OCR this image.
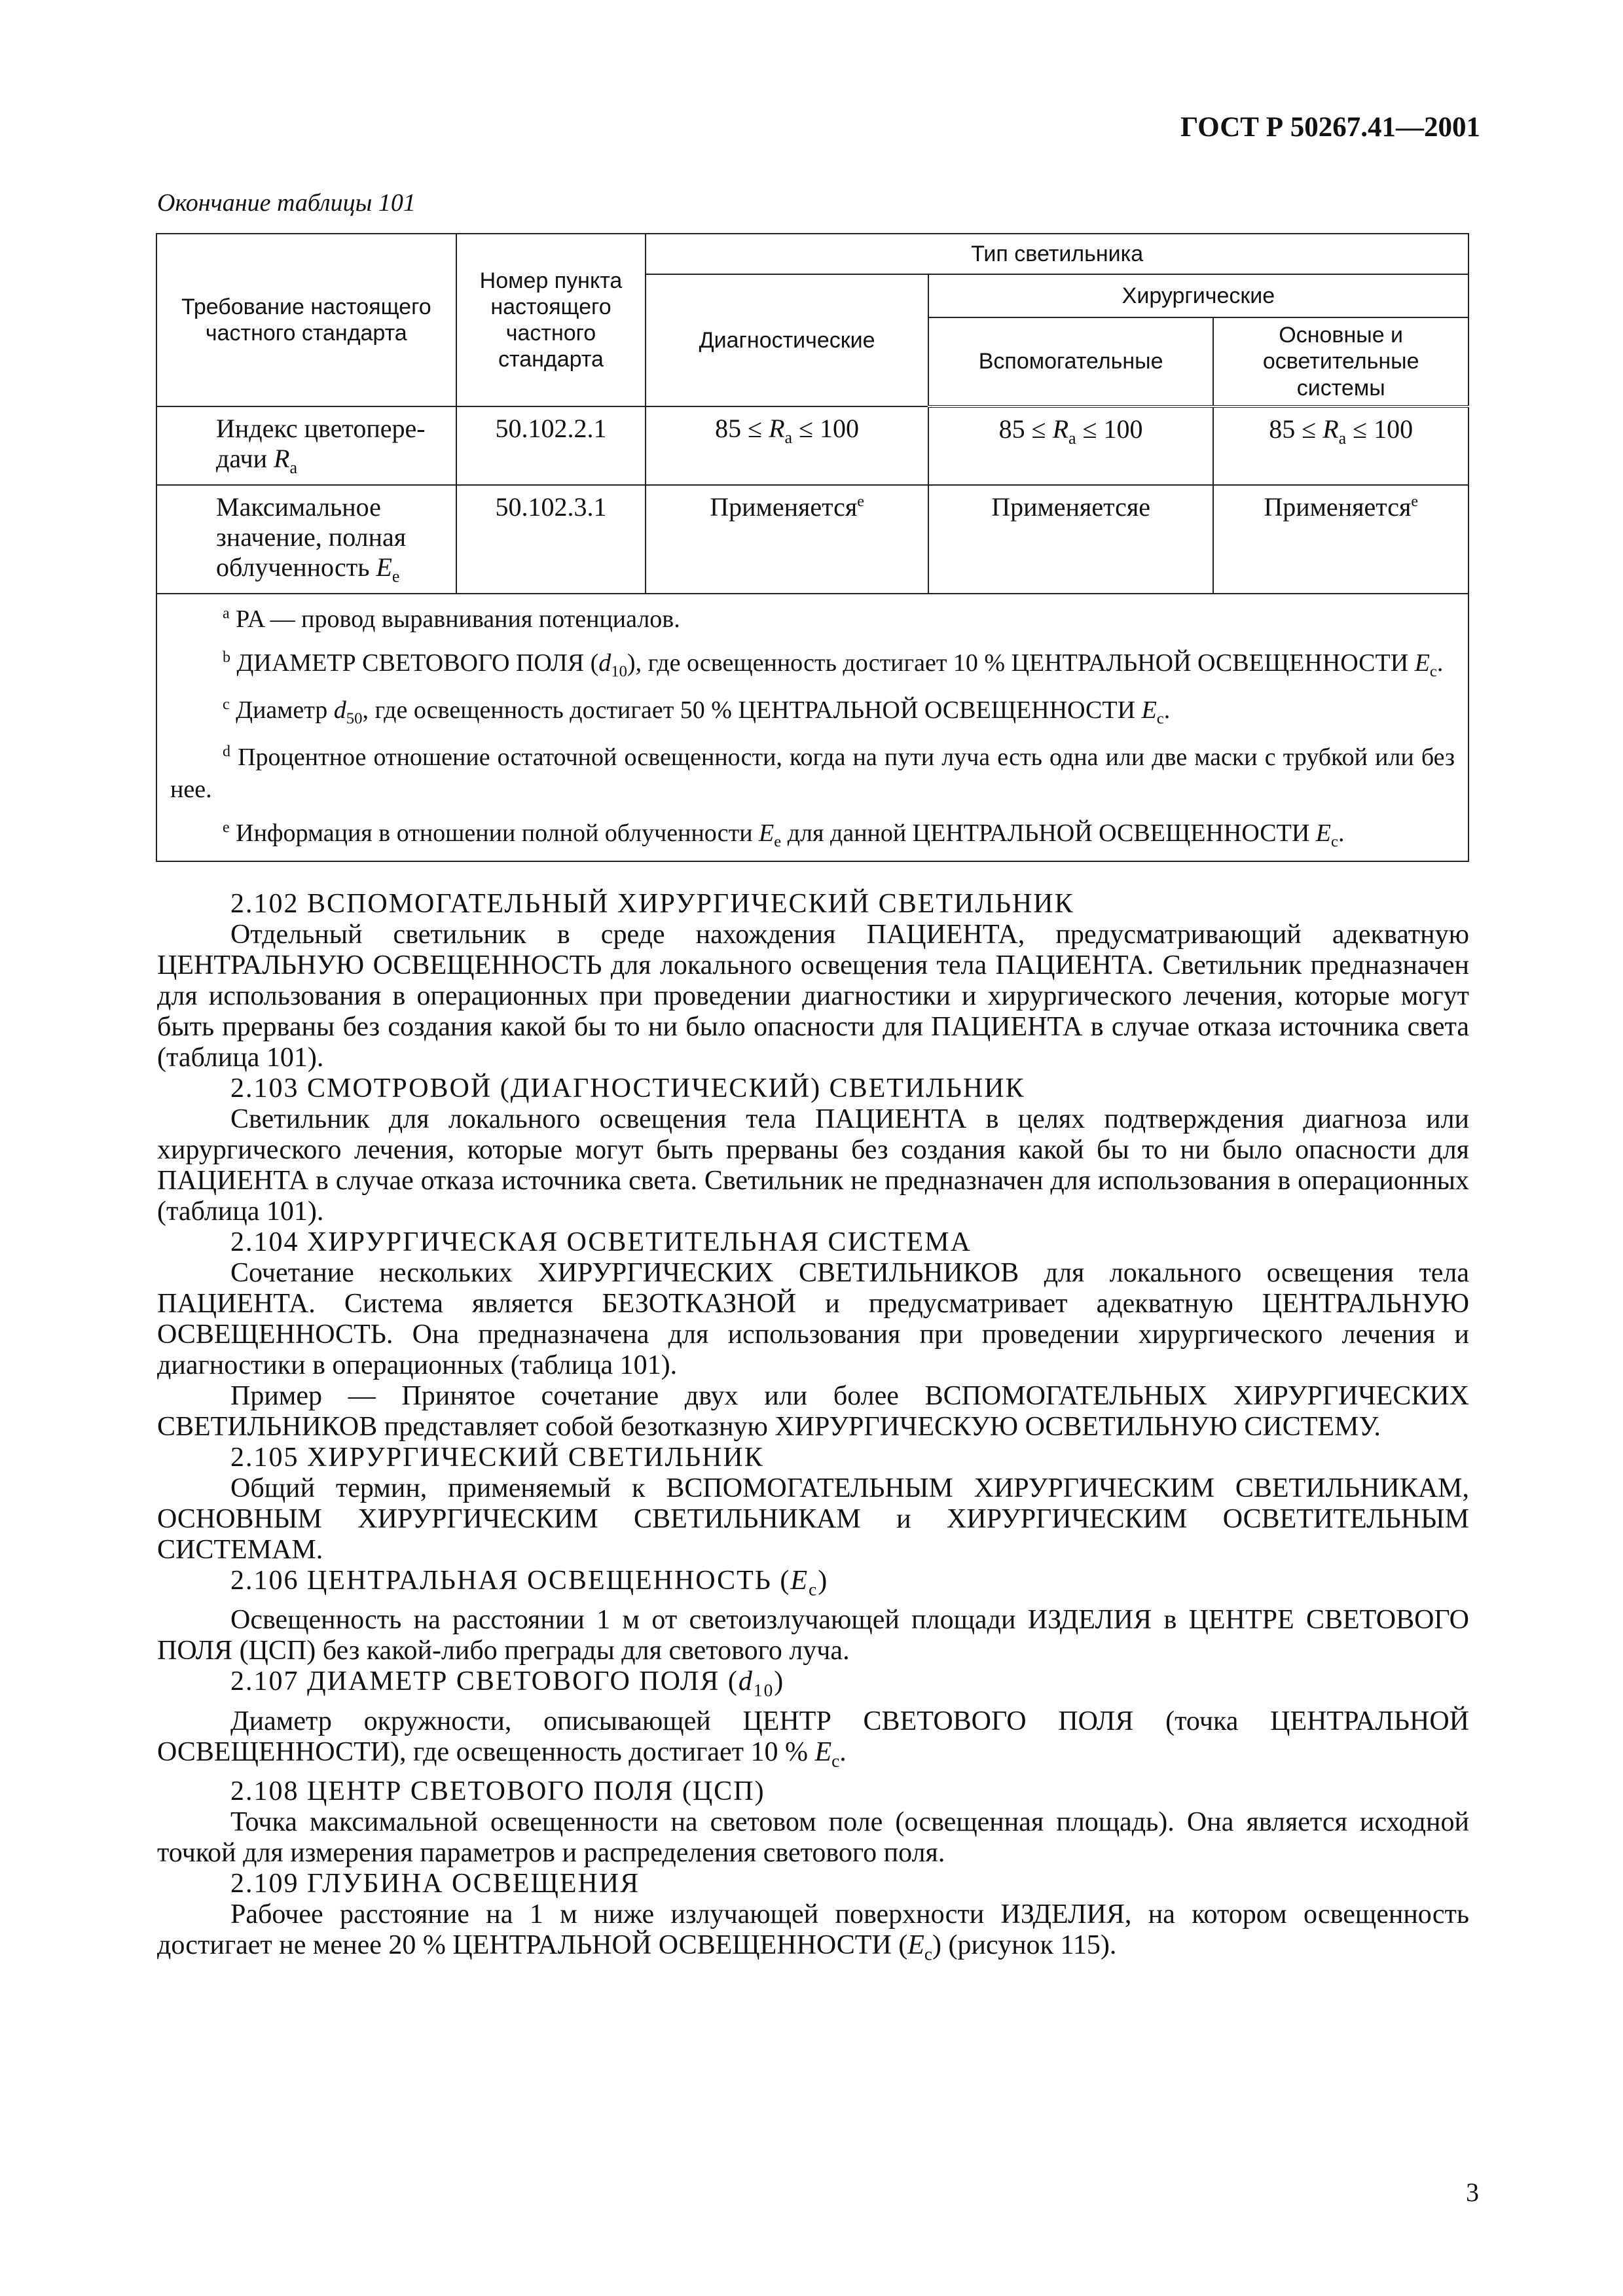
ГОСТ Р 50267.41—2001
Окончание таблицы 101
Требование настоящего частного стандарта	Номер пункта настоящего частного стандарта	Тип светильника		
		Диагностические	Хирургические	
			Вспомогательные	Основные и осветительные системы
Индекс цветопередачи $R_a$	50.102.2.1	$85 \le R_a \le 100$	$85 \le R_a \le 100$	$85 \le R_a \le 100$
Максимальное значение, полная облученность $E_e$	50.102.3.1	Применяется$^e$	Применяетсяе	Применяется$^e$

$^a$ PA — провод выравнивания потенциалов.

$^b$ ДИАМЕТР СВЕТОВОГО ПОЛЯ $(d_{10})$, где освещенность достигает 10 % ЦЕНТРАЛЬНОЙ ОСВЕЩЕННОСТИ $E_c$.

$^c$ Диаметр $d_{50}$, где освещенность достигает 50 % ЦЕНТРАЛЬНОЙ ОСВЕЩЕННОСТИ $E_c$.

$^d$ Процентное отношение остаточной освещенности, когда на пути луча есть одна или две маски с трубкой или без нее.

$^e$ Информация в отношении полной облученности $E_e$ для данной ЦЕНТРАЛЬНОЙ ОСВЕЩЕННОСТИ $E_c$.				

2.102 ВСПОМОГАТЕЛЬНЫЙ ХИРУРГИЧЕСКИЙ СВЕТИЛЬНИК

Отдельный светильник в среде нахождения ПАЦИЕНТА, предусматривающий адекватную ЦЕНТРАЛЬНУЮ ОСВЕЩЕННОСТЬ для локального освещения тела ПАЦИЕНТА. Светильник предназначен для использования в операционных при проведении диагностики и хирургического лечения, которые могут быть прерваны без создания какой бы то ни было опасности для ПАЦИЕНТА в случае отказа источника света (таблица 101).

2.103 СМОТРОВОЙ (ДИАГНОСТИЧЕСКИЙ) СВЕТИЛЬНИК

Светильник для локального освещения тела ПАЦИЕНТА в целях подтверждения диагноза или хирургического лечения, которые могут быть прерваны без создания какой бы то ни было опасности для ПАЦИЕНТА в случае отказа источника света. Светильник не предназначен для использования в операционных (таблица 101).

2.104 ХИРУРГИЧЕСКАЯ ОСВЕТИТЕЛЬНАЯ СИСТЕМА

Сочетание нескольких ХИРУРГИЧЕСКИХ СВЕТИЛЬНИКОВ для локального освещения тела ПАЦИЕНТА. Система является БЕЗОТКАЗНОЙ и предусматривает адекватную ЦЕНТРАЛЬНУЮ ОСВЕЩЕННОСТЬ. Она предназначена для использования при проведении хирургического лечения и диагностики в операционных (таблица 101).

Пример — Принятое сочетание двух или более ВСПОМОГАТЕЛЬНЫХ ХИРУРГИЧЕСКИХ СВЕТИЛЬНИКОВ представляет собой безотказную ХИРУРГИЧЕСКУЮ ОСВЕТИЛЬНУЮ СИСТЕМУ.

2.105 ХИРУРГИЧЕСКИЙ СВЕТИЛЬНИК

Общий термин, применяемый к ВСПОМОГАТЕЛЬНЫМ ХИРУРГИЧЕСКИМ СВЕТИЛЬНИКАМ, ОСНОВНЫМ ХИРУРГИЧЕСКИМ СВЕТИЛЬНИКАМ и ХИРУРГИЧЕСКИМ ОСВЕТИТЕЛЬНЫМ СИСТЕМАМ.

2.106 ЦЕНТРАЛЬНАЯ ОСВЕЩЕННОСТЬ $(E_c)$

Освещенность на расстоянии 1 м от светоизлучающей площади ИЗДЕЛИЯ в ЦЕНТРЕ СВЕТОВОГО ПОЛЯ (ЦСП) без какой-либо преграды для светового луча.

2.107 ДИАМЕТР СВЕТОВОГО ПОЛЯ $(d_{10})$

Диаметр окружности, описывающей ЦЕНТР СВЕТОВОГО ПОЛЯ (точка ЦЕНТРАЛЬНОЙ ОСВЕЩЕННОСТИ), где освещенность достигает 10 % $E_c$.

2.108 ЦЕНТР СВЕТОВОГО ПОЛЯ (ЦСП)

Точка максимальной освещенности на световом поле (освещенная площадь). Она является исходной точкой для измерения параметров и распределения светового поля.

2.109 ГЛУБИНА ОСВЕЩЕНИЯ

Рабочее расстояние на 1 м ниже излучающей поверхности ИЗДЕЛИЯ, на котором освещенность достигает не менее 20 % ЦЕНТРАЛЬНОЙ ОСВЕЩЕННОСТИ $(E_c)$ (рисунок 115).

3
